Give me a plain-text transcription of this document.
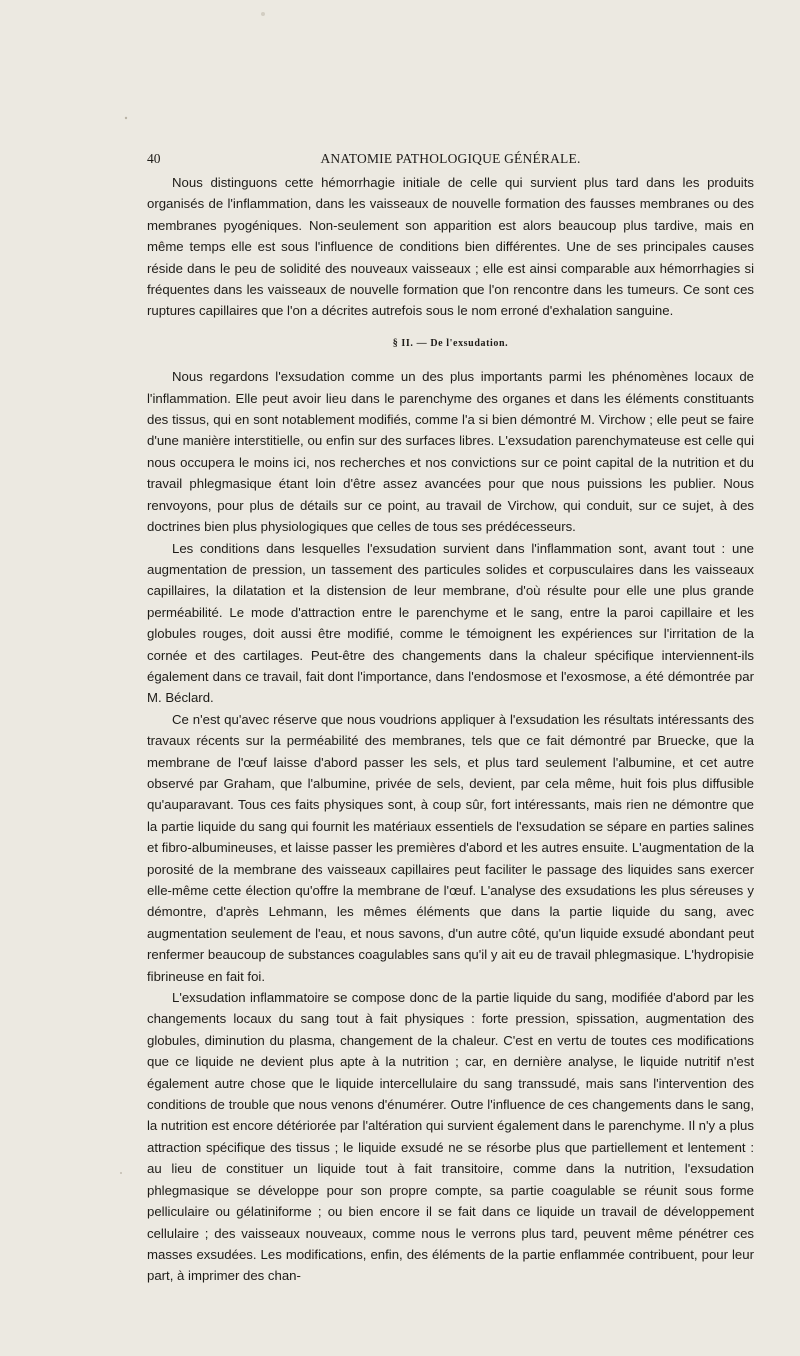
40	ANATOMIE PATHOLOGIQUE GÉNÉRALE.

Nous distinguons cette hémorrhagie initiale de celle qui survient plus tard dans les produits organisés de l'inflammation, dans les vaisseaux de nouvelle formation des fausses membranes ou des membranes pyogéniques. Non-seulement son apparition est alors beaucoup plus tardive, mais en même temps elle est sous l'influence de conditions bien différentes. Une de ses principales causes réside dans le peu de solidité des nouveaux vaisseaux ; elle est ainsi comparable aux hémorrhagies si fréquentes dans les vaisseaux de nouvelle formation que l'on rencontre dans les tumeurs. Ce sont ces ruptures capillaires que l'on a décrites autrefois sous le nom erroné d'exhalation sanguine.

§ II. — De l'exsudation.

Nous regardons l'exsudation comme un des plus importants parmi les phénomènes locaux de l'inflammation. Elle peut avoir lieu dans le parenchyme des organes et dans les éléments constituants des tissus, qui en sont notablement modifiés, comme l'a si bien démontré M. Virchow ; elle peut se faire d'une manière interstitielle, ou enfin sur des surfaces libres. L'exsudation parenchymateuse est celle qui nous occupera le moins ici, nos recherches et nos convictions sur ce point capital de la nutrition et du travail phlegmasique étant loin d'être assez avancées pour que nous puissions les publier. Nous renvoyons, pour plus de détails sur ce point, au travail de Virchow, qui conduit, sur ce sujet, à des doctrines bien plus physiologiques que celles de tous ses prédécesseurs.

Les conditions dans lesquelles l'exsudation survient dans l'inflammation sont, avant tout : une augmentation de pression, un tassement des particules solides et corpusculaires dans les vaisseaux capillaires, la dilatation et la distension de leur membrane, d'où résulte pour elle une plus grande perméabilité. Le mode d'attraction entre le parenchyme et le sang, entre la paroi capillaire et les globules rouges, doit aussi être modifié, comme le témoignent les expériences sur l'irritation de la cornée et des cartilages. Peut-être des changements dans la chaleur spécifique interviennent-ils également dans ce travail, fait dont l'importance, dans l'endosmose et l'exosmose, a été démontrée par M. Béclard.

Ce n'est qu'avec réserve que nous voudrions appliquer à l'exsudation les résultats intéressants des travaux récents sur la perméabilité des membranes, tels que ce fait démontré par Bruecke, que la membrane de l'œuf laisse d'abord passer les sels, et plus tard seulement l'albumine, et cet autre observé par Graham, que l'albumine, privée de sels, devient, par cela même, huit fois plus diffusible qu'auparavant. Tous ces faits physiques sont, à coup sûr, fort intéressants, mais rien ne démontre que la partie liquide du sang qui fournit les matériaux essentiels de l'exsudation se sépare en parties salines et fibro-albumineuses, et laisse passer les premières d'abord et les autres ensuite. L'augmentation de la porosité de la membrane des vaisseaux capillaires peut faciliter le passage des liquides sans exercer elle-même cette élection qu'offre la membrane de l'œuf. L'analyse des exsudations les plus séreuses y démontre, d'après Lehmann, les mêmes éléments que dans la partie liquide du sang, avec augmentation seulement de l'eau, et nous savons, d'un autre côté, qu'un liquide exsudé abondant peut renfermer beaucoup de substances coagulables sans qu'il y ait eu de travail phlegmasique. L'hydropisie fibrineuse en fait foi.

L'exsudation inflammatoire se compose donc de la partie liquide du sang, modifiée d'abord par les changements locaux du sang tout à fait physiques : forte pression, spissation, augmentation des globules, diminution du plasma, changement de la chaleur. C'est en vertu de toutes ces modifications que ce liquide ne devient plus apte à la nutrition ; car, en dernière analyse, le liquide nutritif n'est également autre chose que le liquide intercellulaire du sang transsudé, mais sans l'intervention des conditions de trouble que nous venons d'énumérer. Outre l'influence de ces changements dans le sang, la nutrition est encore détériorée par l'altération qui survient également dans le parenchyme. Il n'y a plus attraction spécifique des tissus ; le liquide exsudé ne se résorbe plus que partiellement et lentement : au lieu de constituer un liquide tout à fait transitoire, comme dans la nutrition, l'exsudation phlegmasique se développe pour son propre compte, sa partie coagulable se réunit sous forme pelliculaire ou gélatiniforme ; ou bien encore il se fait dans ce liquide un travail de développement cellulaire ; des vaisseaux nouveaux, comme nous le verrons plus tard, peuvent même pénétrer ces masses exsudées. Les modifications, enfin, des éléments de la partie enflammée contribuent, pour leur part, à imprimer des chan-
